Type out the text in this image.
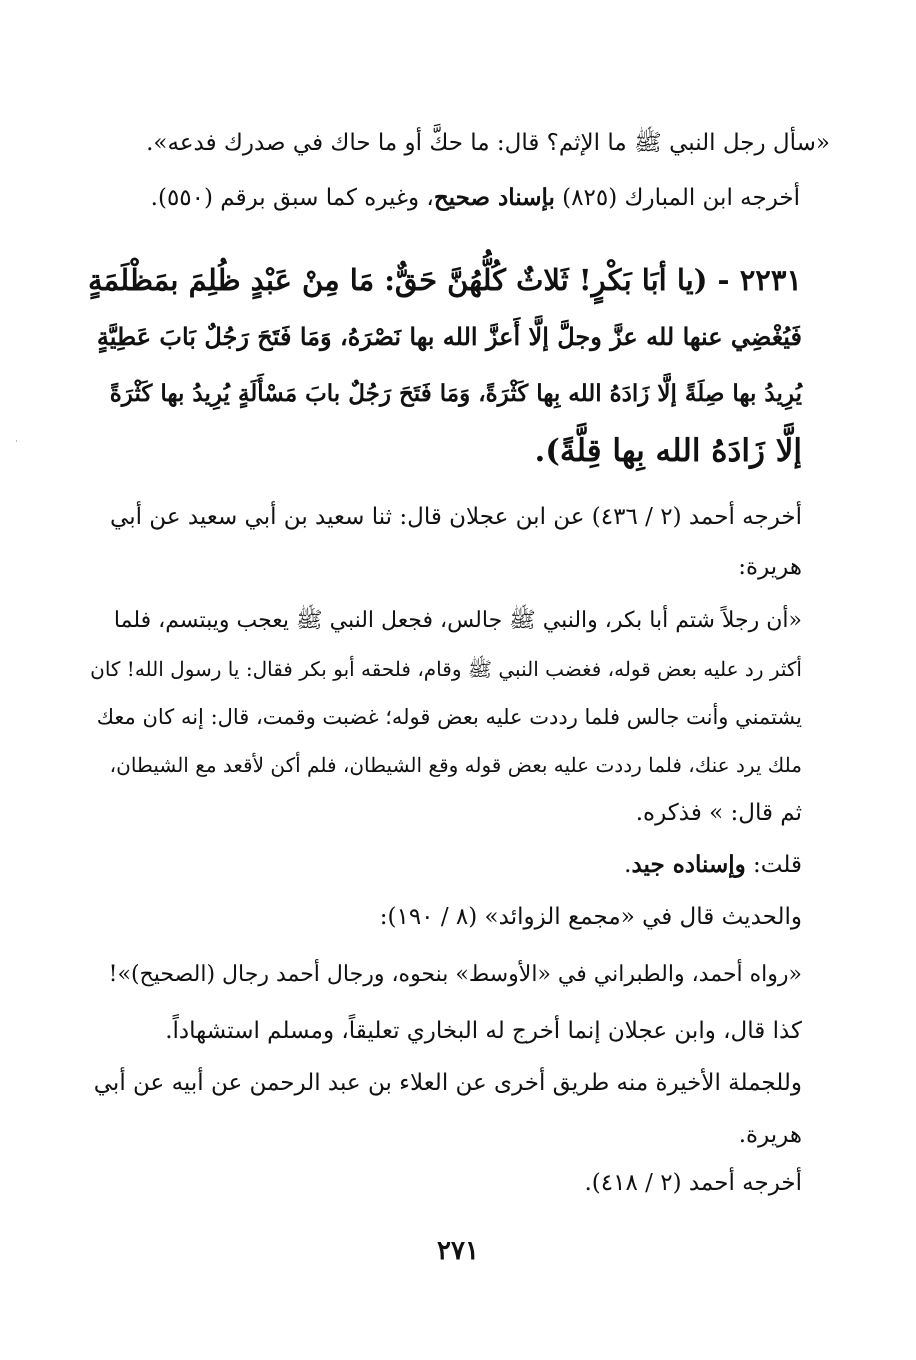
«سأل رجل النبي ﷺ ما الإثم؟ قال: ما حكَّ أو ما حاك في صدرك فدعه».
أخرجه ابن المبارك (٨٢٥) بإسناد صحيح، وغيره كما سبق برقم (٥٥٠).
٢٢٣١ - (يا أبَا بَكْرٍ! ثَلاثٌ كُلُّهُنَّ حَقٌّ: مَا مِنْ عَبْدٍ ظُلِمَ بمَظْلَمَةٍ
فَيُغْضِي عنها لله عزَّ وجلَّ إلَّا أَعزَّ الله بها نَصْرَهُ، وَمَا فَتَحَ رَجُلٌ بَابَ عَطِيَّةٍ
يُرِيدُ بها صِلَةً إلَّا زَادَهُ الله بِها كَثْرَةً، وَمَا فَتَحَ رَجُلٌ بابَ مَسْأَلَةٍ يُرِيدُ بها كَثْرَةً
إلَّا زَادَهُ الله بِها قِلَّةً).
أخرجه أحمد (٢ / ٤٣٦) عن ابن عجلان قال: ثنا سعيد بن أبي سعيد عن أبي
هريرة:
«أن رجلاً شتم أبا بكر، والنبي ﷺ جالس، فجعل النبي ﷺ يعجب ويبتسم، فلما
أكثر رد عليه بعض قوله، فغضب النبي ﷺ وقام، فلحقه أبو بكر فقال: يا رسول الله! كان
يشتمني وأنت جالس فلما رددت عليه بعض قوله؛ غضبت وقمت، قال: إنه كان معك
ملك يرد عنك، فلما رددت عليه بعض قوله وقع الشيطان، فلم أكن لأقعد مع الشيطان،
ثم قال: » فذكره.
قلت: وإسناده جيد.
والحديث قال في «مجمع الزوائد» (٨ / ١٩٠):
«رواه أحمد، والطبراني في «الأوسط» بنحوه، ورجال أحمد رجال (الصحيح)»!
كذا قال، وابن عجلان إنما أخرج له البخاري تعليقاً، ومسلم استشهاداً.
وللجملة الأخيرة منه طريق أخرى عن العلاء بن عبد الرحمن عن أبيه عن أبي
هريرة.
أخرجه أحمد (٢ / ٤١٨).
٢٧١
